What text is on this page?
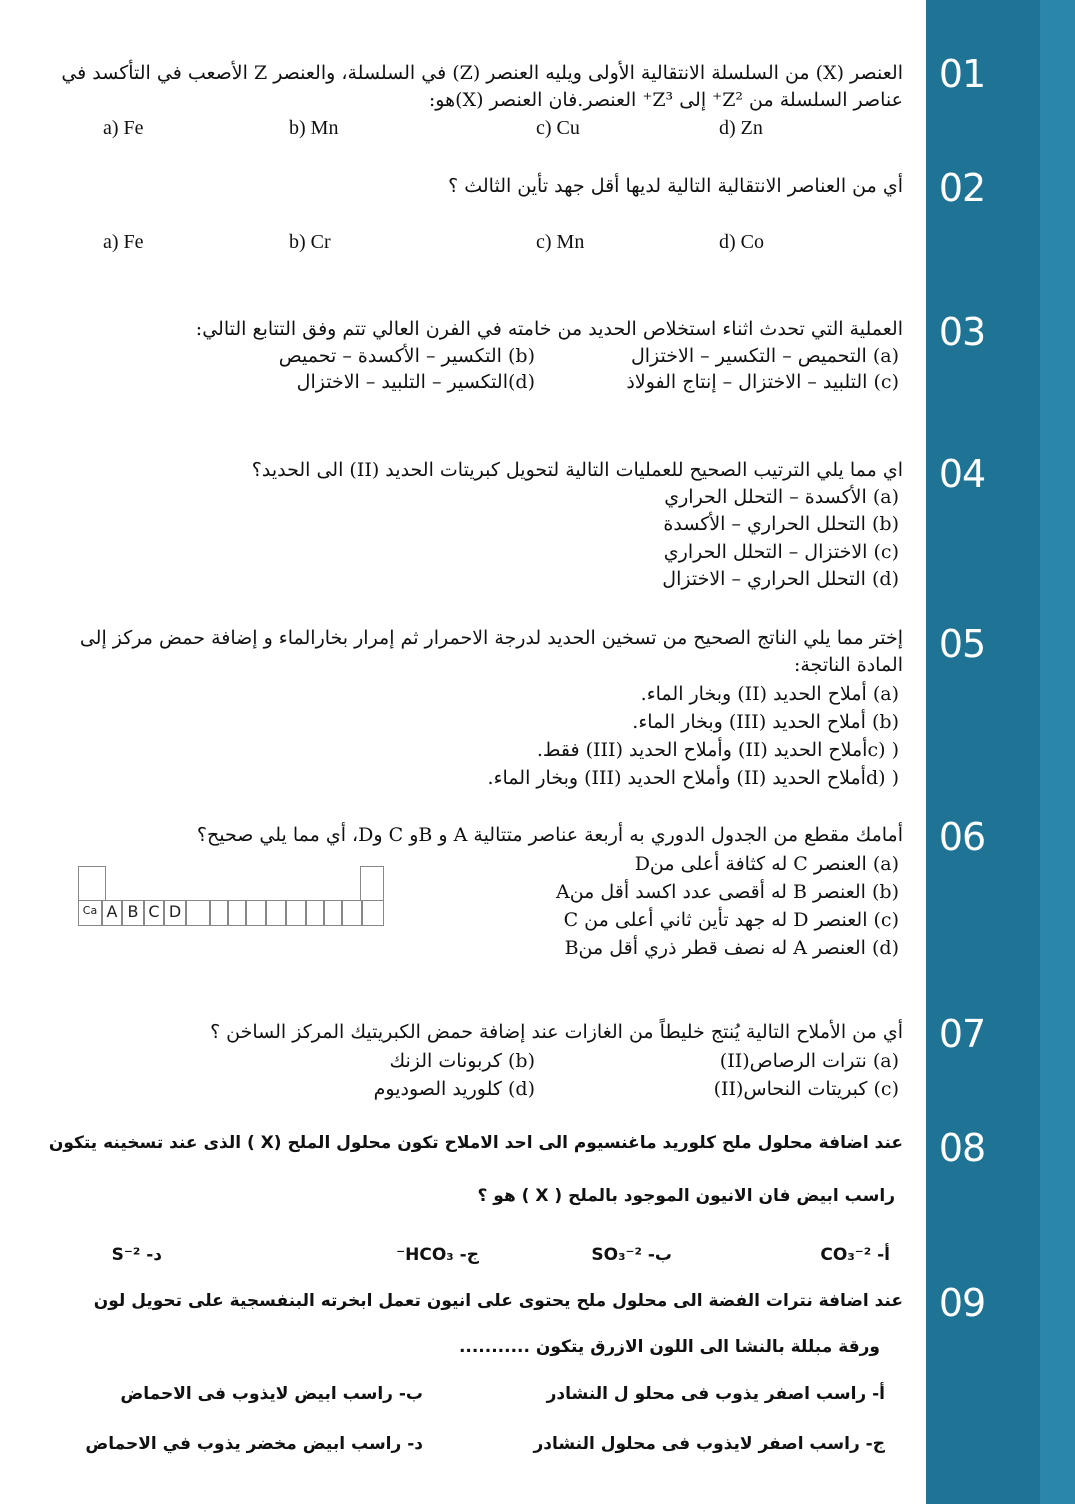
01
02
03
04
05
06
07
08
09
العنصر (X) من السلسلة الانتقالية الأولى ويليه العنصر (Z) في السلسلة، والعنصر Z الأصعب في التأكسد في
عناصر السلسلة من Z²⁺ إلى Z³⁺ العنصر.فان العنصر (X)هو:
a) Fe	b) Mn	c) Cu	d) Zn
أي من العناصر الانتقالية التالية لديها أقل جهد تأين الثالث ؟
a) Fe	b) Cr	c) Mn	d) Co
العملية التي تحدث اثناء استخلاص الحديد من خامته في الفرن العالي تتم وفق التتابع التالي:
(a) التحميص – التكسير – الاختزال
(b) التكسير – الأكسدة – تحميص
(c) التلبيد – الاختزال – إنتاج الفولاذ
(d)التكسير – التلبيد – الاختزال
اي مما يلي الترتيب الصحيح للعمليات التالية لتحويل كبريتات الحديد (II) الى الحديد؟
(a) الأكسدة – التحلل الحراري
(b) التحلل الحراري – الأكسدة
(c) الاختزال – التحلل الحراري
(d) التحلل الحراري – الاختزال
إختر مما يلي الناتج الصحيح من تسخين الحديد لدرجة الاحمرار ثم إمرار بخارالماء و إضافة حمض مركز إلى
المادة الناتجة:
(a) أملاح الحديد (II) وبخار الماء.
(b) أملاح الحديد (III) وبخار الماء.
( (cأملاح الحديد (II) وأملاح الحديد (III) فقط.
( (dأملاح الحديد (II) وأملاح الحديد (III) وبخار الماء.
أمامك مقطع من الجدول الدوري به أربعة عناصر متتالية A و Bو C وD، أي مما يلي صحيح؟
(a) العنصر C له كثافة أعلى منD
(b) العنصر B له أقصى عدد اكسد أقل منA
(c) العنصر D له جهد تأين ثاني أعلى من C
(d) العنصر A له نصف قطر ذري أقل منB
Ca A B C D
أي من الأملاح التالية يُنتج خليطاً من الغازات عند إضافة حمض الكبريتيك المركز الساخن ؟
(a) نترات الرصاص(II)
(b) كربونات الزنك
(c) كبريتات النحاس(II)
(d) كلوريد الصوديوم
عند اضافة محلول ملح كلوريد ماغنسيوم الى احد الاملاح تكون محلول الملح (X ) الذى عند تسخينه يتكون
راسب ابيض فان الانيون الموجود بالملح ( X ) هو ؟
أ- CO₃⁻²
ب- SO₃⁻²
ج- HCO₃⁻
د- S⁻²
عند اضافة نترات الفضة الى محلول ملح يحتوى على انيون تعمل ابخرته البنفسجية على تحويل لون
ورقة مبللة بالنشا الى اللون الازرق يتكون ...........
أ- راسب اصفر يذوب فى محلو ل النشادر
ب- راسب ابيض لايذوب فى الاحماض
ج- راسب اصفر لايذوب فى محلول النشادر
د- راسب ابيض مخضر يذوب في الاحماض
